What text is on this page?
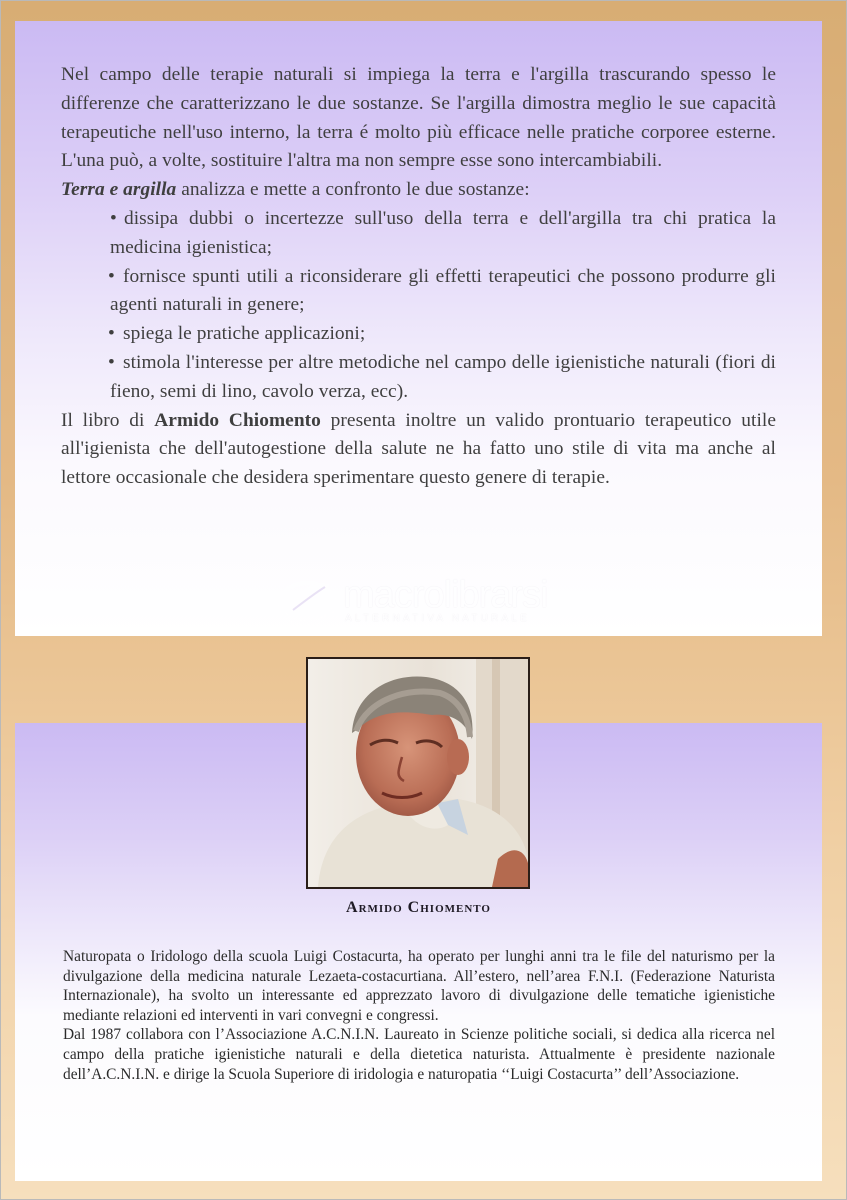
Nel campo delle terapie naturali si impiega la terra e l'argilla trascurando spesso le differenze che caratterizzano le due sostanze. Se l'argilla dimostra meglio le sue capacità terapeutiche nell'uso interno, la terra é molto più efficace nelle pratiche corporee esterne. L'una può, a volte, sostituire l'altra ma non sempre esse sono intercambiabili.

Terra e argilla analizza e mette a confronto le due sostanze:

• dissipa dubbi o incertezze sull'uso della terra e dell'argilla tra chi pratica la medicina igienistica;
• fornisce spunti utili a riconsiderare gli effetti terapeutici che possono produrre gli agenti naturali in genere;
• spiega le pratiche applicazioni;
• stimola l'interesse per altre metodiche nel campo delle igienistiche naturali (fiori di fieno, semi di lino, cavolo verza, ecc).

Il libro di Armido Chiomento presenta inoltre un valido prontuario terapeutico utile all'igienista che dell'autogestione della salute ne ha fatto uno stile di vita ma anche al lettore occasionale che desidera sperimentare questo genere di terapie.

macrolibrarsi
ALTERNATIVA NATURALE
Armido Chiomento

Naturopata o Iridologo della scuola Luigi Costacurta, ha operato per lunghi anni tra le file del naturismo per la divulgazione della medicina naturale Lezaeta-costacurtiana. All’estero, nell’area F.N.I. (Federazione Naturista Internazionale), ha svolto un interessante ed apprezzato lavoro di divulgazione delle tematiche igienistiche mediante relazioni ed interventi in vari convegni e congressi.

Dal 1987 collabora con l’Associazione A.C.N.I.N. Laureato in Scienze politiche sociali, si dedica alla ricerca nel campo della pratiche igienistiche naturali e della dietetica naturista. Attualmente è presidente nazionale dell’A.C.N.I.N. e dirige la Scuola Superiore di iridologia e naturopatia ‘‘Luigi Costacurta’’ dell’Associazione.
